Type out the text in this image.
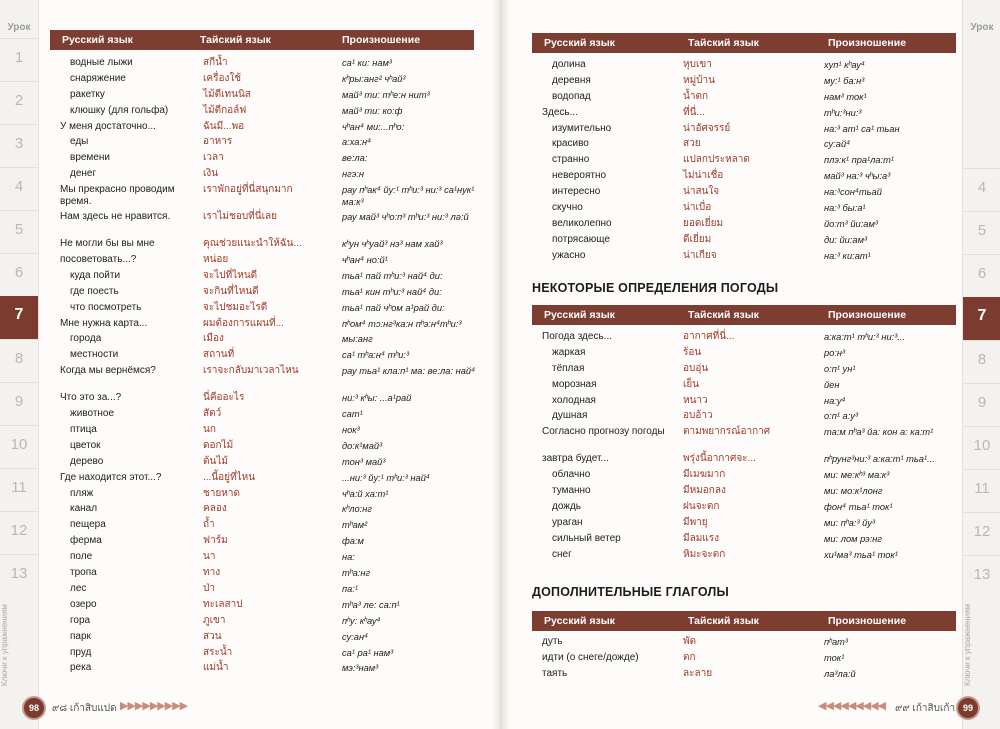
Урок
1
2
3
4
5
6
7
8
9
10
11
12
13
Ключи к упражнениям
Урок
4
5
6
7
8
9
10
11
12
13
Ключи к упражнениям
Русский язык	Тайский язык	Произношение
водные лыжи	สกีน้ำ	са¹ ки: нам³
снаряжение	เครื่องใช้	кʰры:анг² чʰай³
ракетку	ไม้ตีเทนนิส	май³ ти: тʰе:н нит³
клюшку (для гольфа)	ไม้ตีกอล์ฟ	май³ ти: ко:ф
У меня достаточно...	ฉันมี...พอ	чʰан⁴ ми:...пʰо:
еды	อาหาร	а:ха:н⁴
времени	เวลา	ве:ла:
денег	เงิน	нгэ:н
Мы прекрасно проводим время.
เราพักอยู่ที่นี่สนุกมาก	рау пʰак⁴ йу:¹ тʰи:³ ни:³ са¹нук¹ ма:к³
Нам здесь не нравится.	เราไม่ชอบที่นี่เลย	рау май³ чʰо:п³ тʰи:³ ни:³ лə:й
Не могли бы вы мне	คุณช่วยแนะนำให้ฉัน...	кʰун чʰуай³ нэ³ нам хай³
посоветовать...?	หน่อย	чʰан⁴ но:й¹
куда пойти	จะไปที่ไหนดี	тьа¹ пай тʰи:³ най⁴ ди:
где поесть	จะกินที่ไหนดี	тьа¹ кин тʰи:³ най⁴ ди:
что посмотреть	จะไปชมอะไรดี	тьа¹ пай чʰом а¹рай ди:
Мне нужна карта...	ผมต้องการแผนที่...	пʰом⁴ тɔ:нг³ка:н пʰэ:н⁴тʰи:³
города	เมือง	мы:анг
местности	สถานที่	са¹ тʰа:н⁴ тʰи:³
Когда мы вернёмся?	เราจะกลับมาเวลาไหน	рау тьа¹ кла:п¹ ма: ве:ла: най⁴
Что это за...?	นี่คืออะไร	ни:³ кʰы: ...а¹рай
животное	สัตว์	сат¹
птица	นก	нок³
цветок	ดอกไม้	до:к¹май³
дерево	ต้นไม้	тон³ май³
Где находится этот...?	...นี้อยู่ที่ไหน	...ни:³ йу:¹ тʰи:³ най⁴
пляж	ชายหาด	чʰа:й ха:т¹
канал	คลอง	кʰло:нг
пещера	ถ้ำ	тʰам²
ферма	ฟาร์ม	фа:м
поле	นา	на:
тропа	ทาง	тʰа:нг
лес	ป่า	па:¹
озеро	ทะเลสาป	тʰа³ ле: са:п¹
гора	ภูเขา	пʰу: кʰау⁴
парк	สวน	су:ан⁴
пруд	สระน้ำ	са¹ ра¹ нам³
река	แม่น้ำ	мэ:³нам³
Русский язык	Тайский язык	Произношение
долина	หุบเขา	хуп¹ кʰау⁴
деревня	หมู่บ้าน	му:¹ ба:н³
водопад	น้ำตก	нам³ ток¹
Здесь...	ที่นี่...	тʰи:³ни:³
изумительно	น่าอัศจรรย์	на:³ ат¹ са¹ тьан
красиво	สวย	су:ай⁴
странно	แปลกประหลาด	плэ:к¹ пра¹ла:т¹
невероятно	ไม่น่าเชื่อ	май³ на:³ чʰы:а³
интересно	น่าสนใจ	на:³сон⁴тьай
скучно	น่าเบื่อ	на:³ бы:а¹
великолепно	ยอดเยี่ยม	йо:т³ йи:ам³
потрясающе	ดีเยี่ยม	ди: йи:ам³
ужасно	น่าเกียจ	на:³ ки:ат¹
НЕКОТОРЫЕ ОПРЕДЕЛЕНИЯ ПОГОДЫ
Русский язык	Тайский язык	Произношение
Погода здесь...	อากาศที่นี่...	а:ка:т¹ тʰи:³ ни:³...
жаркая	ร้อน	ро:н³
тёплая	อบอุ่น	о:п¹ ун¹
морозная	เย็น	йен
холодная	หนาว	на:у⁴
душная	อบอ้าว	о:п¹ а:у³
Согласно прогнозу погоды	ตามพยากรณ์อากาศ	та:м пʰа³ йа: кон а: ка:т¹
завтра будет...	พรุ่งนี้อากาศจะ...	пʰрунг³ни:³ а:ка:т¹ тьа¹...
облачно	มีเมฆมาก	ми: ме:кʰ³ ма:к³
туманно	มีหมอกลง	ми: мо:к¹лонг
дождь	ฝนจะตก	фон⁴ тьа¹ ток¹
ураган	มีพายุ	ми: пʰа:³ йу³
сильный ветер	มีลมแรง	ми: лом рэ:нг
снег	หิมะจะตก	хи¹ма³ тьа¹ ток¹
ДОПОЛНИТЕЛЬНЫЕ ГЛАГОЛЫ
Русский язык	Тайский язык	Произношение
дуть	พัด	пʰат³
идти (о снеге/дожде)	ตก	ток¹
таять	ละลาย	ла³ла:й
98	๙๘ เก้าสิบแปด ▶▶▶▶▶▶▶▶▶	◀◀◀◀◀◀◀◀◀ ๙๙ เก้าสิบเก้า 99
